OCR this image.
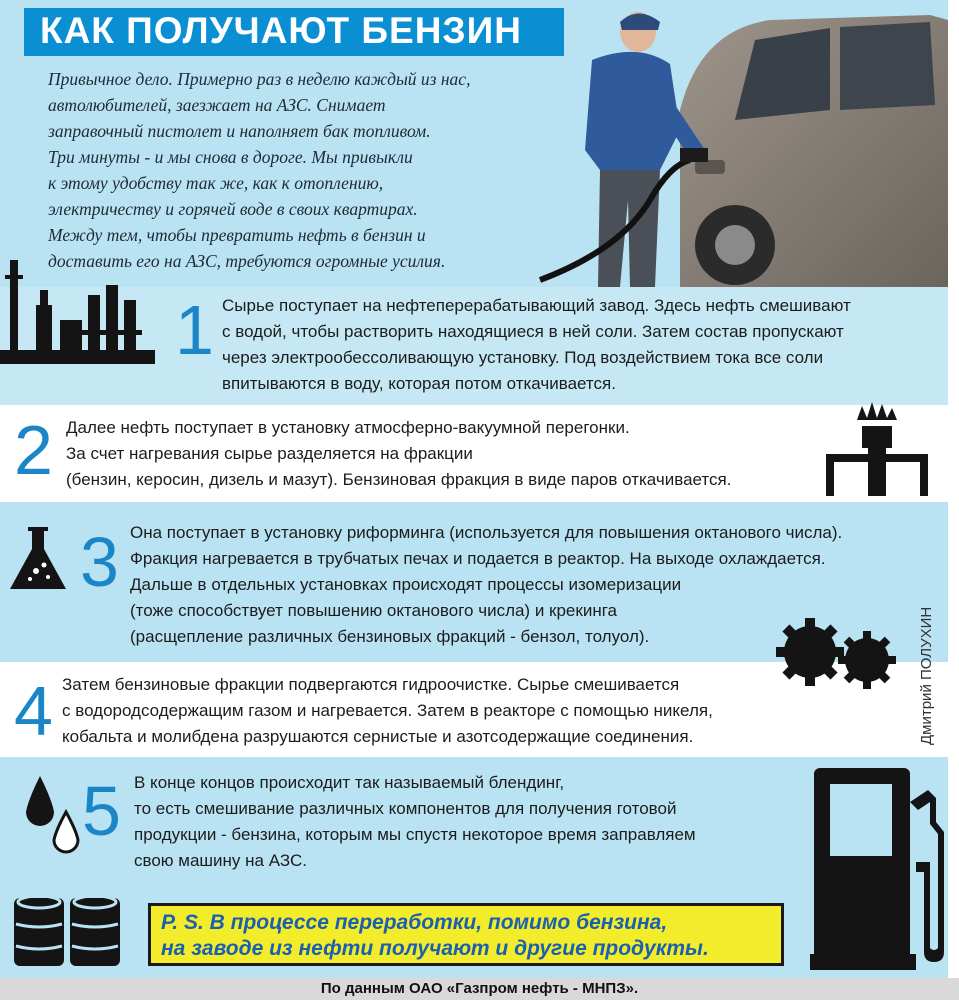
КАК ПОЛУЧАЮТ БЕНЗИН
Привычное дело. Примерно раз в неделю каждый из нас,
автолюбителей, заезжает на АЗС. Снимает
заправочный пистолет и наполняет бак топливом.
Три минуты - и мы снова в дороге. Мы привыкли
к этому удобству так же, как к отоплению,
электричеству и горячей воде в своих квартирах.
Между тем, чтобы превратить нефть в бензин и
доставить его на АЗС, требуются огромные усилия.
1 Сырье поступает на нефтеперерабатывающий завод. Здесь нефть смешивают
с водой, чтобы растворить находящиеся в ней соли. Затем состав пропускают
через электрообессоливающую установку. Под воздействием тока все соли
впитываются в воду, которая потом откачивается.
2 Далее нефть поступает в установку атмосферно-вакуумной перегонки.
За счет нагревания сырье разделяется на фракции
(бензин, керосин, дизель и мазут). Бензиновая фракция в виде паров откачивается.
3 Она поступает в установку риформинга (используется для повышения октанового числа).
Фракция нагревается в трубчатых печах и подается в реактор. На выходе охлаждается.
Дальше в отдельных установках происходят процессы изомеризации
(тоже способствует повышению октанового числа) и крекинга
(расщепление различных бензиновых фракций - бензол, толуол).
4 Затем бензиновые фракции подвергаются гидроочистке. Сырье смешивается
с водородсодержащим газом и нагревается. Затем в реакторе с помощью никеля,
кобальта и молибдена разрушаются сернистые и азотсодержащие соединения.	Дмитрий ПОЛУХИН
5 В конце концов происходит так называемый блендинг,
то есть смешивание различных компонентов для получения готовой
продукции - бензина, которым мы спустя некоторое время заправляем
свою машину на АЗС.
P. S. В процессе переработки, помимо бензина,
на заводе из нефти получают и другие продукты.
По данным ОАО «Газпром нефть - МНПЗ».
